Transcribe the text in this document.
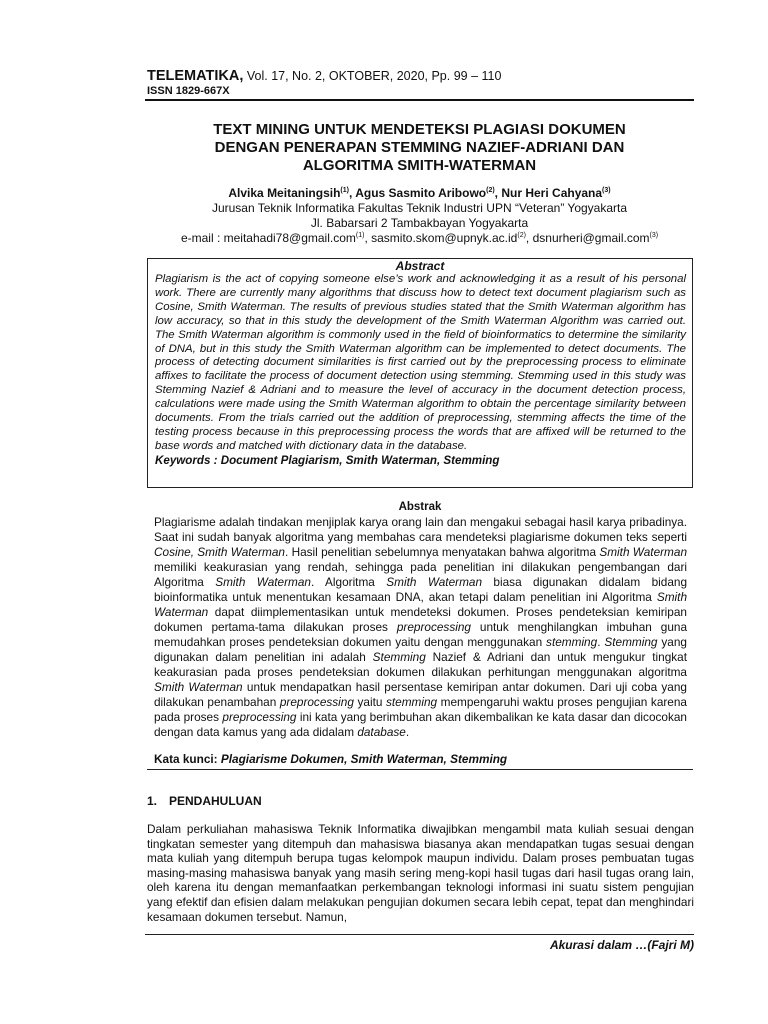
TELEMATIKA, Vol. 17, No. 2, OKTOBER, 2020, Pp. 99 – 110
ISSN 1829-667X
TEXT MINING UNTUK MENDETEKSI PLAGIASI DOKUMEN
DENGAN PENERAPAN STEMMING NAZIEF-ADRIANI DAN
ALGORITMA SMITH-WATERMAN
Alvika Meitaningsih$^{(1)}$, Agus Sasmito Aribowo$^{(2)}$, Nur Heri Cahyana$^{(3)}$
Jurusan Teknik Informatika Fakultas Teknik Industri UPN “Veteran” Yogyakarta
Jl. Babarsari 2 Tambakbayan Yogyakarta
e-mail : meitahadi78@gmail.com$^{(1)}$, $sasmito.skom@upnyk.ac.id^{(2)}$, dsnurheri@gmail.com$^{(3)}$
Abstract
Plagiarism is the act of copying someone else’s work and acknowledging it as a result of his personal work. There are currently many algorithms that discuss how to detect text document plagiarism such as Cosine, Smith Waterman. The results of previous studies stated that the Smith Waterman algorithm has low accuracy, so that in this study the development of the Smith Waterman Algorithm was carried out. The Smith Waterman algorithm is commonly used in the field of bioinformatics to determine the similarity of DNA, but in this study the Smith Waterman algorithm can be implemented to detect documents. The process of detecting document similarities is first carried out by the preprocessing process to eliminate affixes to facilitate the process of document detection using stemming. Stemming used in this study was Stemming Nazief & Adriani and to measure the level of accuracy in the document detection process, calculations were made using the Smith Waterman algorithm to obtain the percentage similarity between documents. From the trials carried out the addition of preprocessing, stemming affects the time of the testing process because in this preprocessing process the words that are affixed will be returned to the base words and matched with dictionary data in the database.
Keywords : Document Plagiarism, Smith Waterman, Stemming
Abstrak

Plagiarisme adalah tindakan menjiplak karya orang lain dan mengakui sebagai hasil karya pribadinya. Saat ini sudah banyak algoritma yang membahas cara mendeteksi plagiarisme dokumen teks seperti Cosine, Smith Waterman. Hasil penelitian sebelumnya menyatakan bahwa algoritma Smith Waterman memiliki keakurasian yang rendah, sehingga pada penelitian ini dilakukan pengembangan dari Algoritma Smith Waterman. Algoritma Smith Waterman biasa digunakan didalam bidang bioinformatika untuk menentukan kesamaan DNA, akan tetapi dalam penelitian ini Algoritma Smith Waterman dapat diimplementasikan untuk mendeteksi dokumen. Proses pendeteksian kemiripan dokumen pertama-tama dilakukan proses preprocessing untuk menghilangkan imbuhan guna memudahkan proses pendeteksian dokumen yaitu dengan menggunakan stemming. Stemming yang digunakan dalam penelitian ini adalah Stemming Nazief & Adriani dan untuk mengukur tingkat keakurasian pada proses pendeteksian dokumen dilakukan perhitungan menggunakan algoritma Smith Waterman untuk mendapatkan hasil persentase kemiripan antar dokumen. Dari uji coba yang dilakukan penambahan preprocessing yaitu stemming mempengaruhi waktu proses pengujian karena pada proses preprocessing ini kata yang berimbuhan akan dikembalikan ke kata dasar dan dicocokan dengan data kamus yang ada didalam database.

Kata kunci: Plagiarisme Dokumen, Smith Waterman, Stemming
1. PENDAHULUAN

Dalam perkuliahan mahasiswa Teknik Informatika diwajibkan mengambil mata kuliah sesuai dengan tingkatan semester yang ditempuh dan mahasiswa biasanya akan mendapatkan tugas sesuai dengan mata kuliah yang ditempuh berupa tugas kelompok maupun individu. Dalam proses pembuatan tugas masing-masing mahasiswa banyak yang masih sering meng-kopi hasil tugas dari hasil tugas orang lain, oleh karena itu dengan memanfaatkan perkembangan teknologi informasi ini suatu sistem pengujian yang efektif dan efisien dalam melakukan pengujian dokumen secara lebih cepat, tepat dan menghindari kesamaan dokumen tersebut. Namun,

Akurasi dalam …(Fajri M)
